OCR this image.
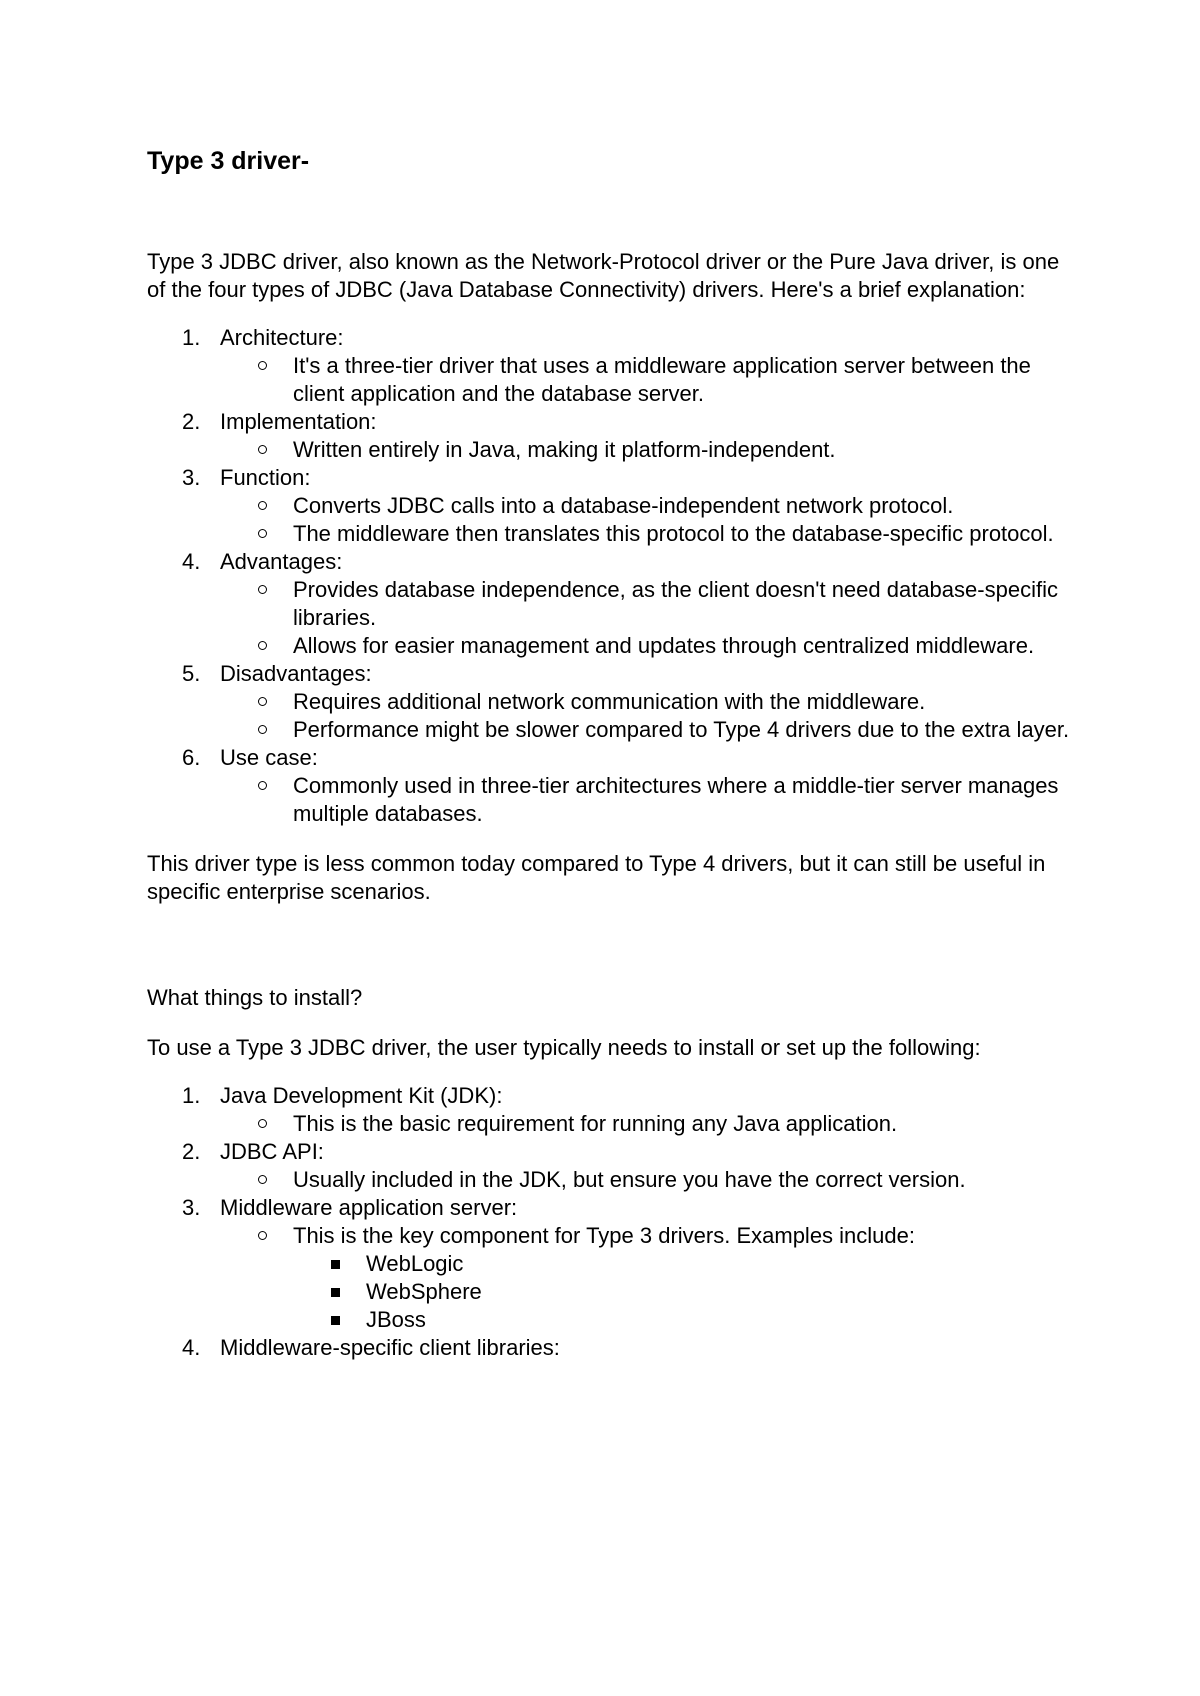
Type 3 driver-

Type 3 JDBC driver, also known as the Network-Protocol driver or the Pure Java driver, is one of the four types of JDBC (Java Database Connectivity) drivers. Here's a brief explanation:

1. Architecture:
It's a three-tier driver that uses a middleware application server between the client application and the database server.
2. Implementation:
Written entirely in Java, making it platform-independent.
3. Function:
Converts JDBC calls into a database-independent network protocol.
The middleware then translates this protocol to the database-specific protocol.
4. Advantages:
Provides database independence, as the client doesn't need database-specific libraries.
Allows for easier management and updates through centralized middleware.
5. Disadvantages:
Requires additional network communication with the middleware.
Performance might be slower compared to Type 4 drivers due to the extra layer.
6. Use case:
Commonly used in three-tier architectures where a middle-tier server manages multiple databases.

This driver type is less common today compared to Type 4 drivers, but it can still be useful in specific enterprise scenarios.

What things to install?

To use a Type 3 JDBC driver, the user typically needs to install or set up the following:

1. Java Development Kit (JDK):
This is the basic requirement for running any Java application.
2. JDBC API:
Usually included in the JDK, but ensure you have the correct version.
3. Middleware application server:
This is the key component for Type 3 drivers. Examples include:
WebLogic
WebSphere
JBoss
4. Middleware-specific client libraries:
